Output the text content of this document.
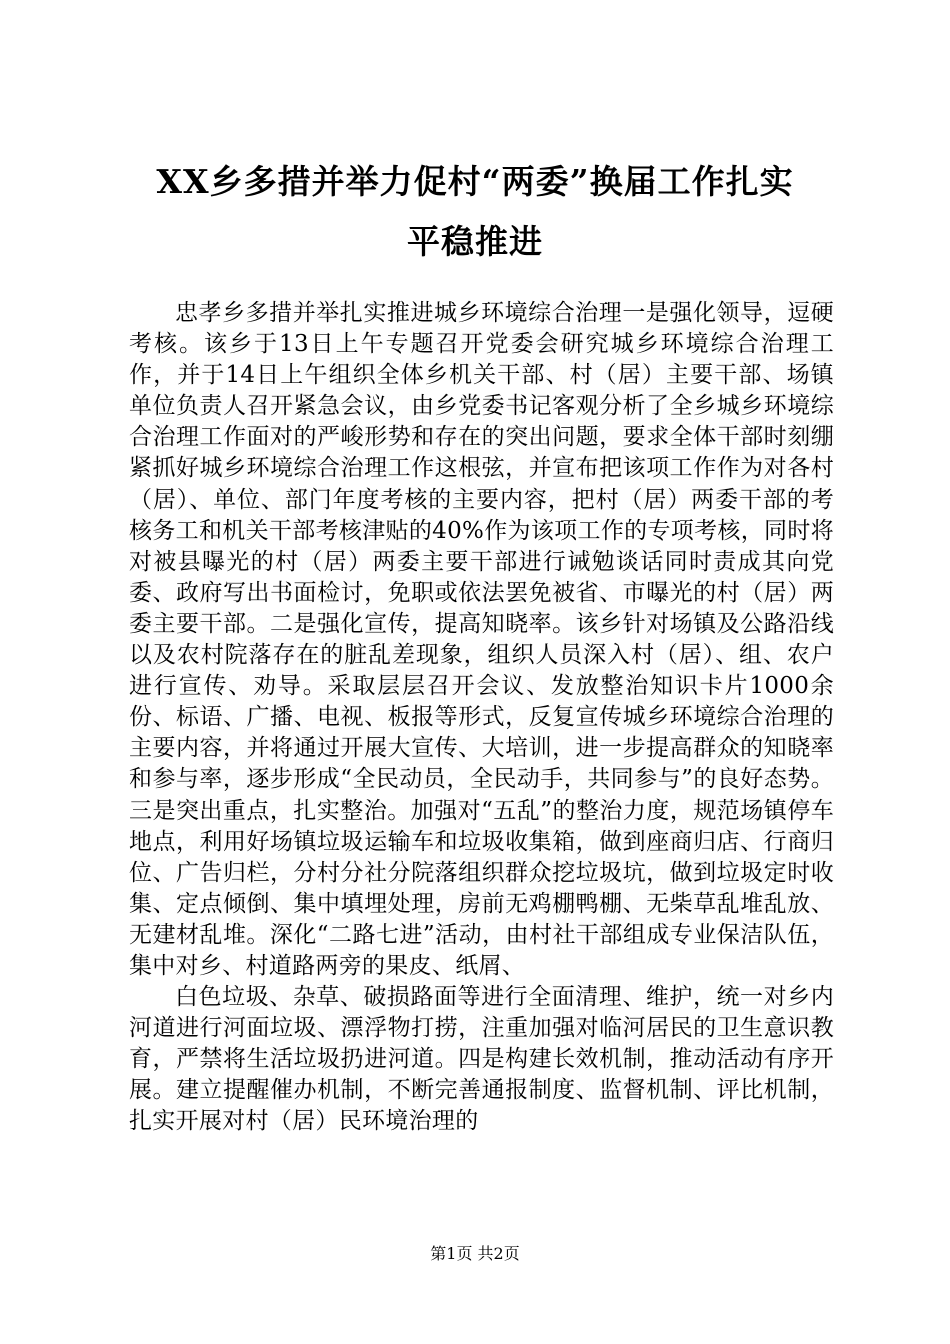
XX乡多措并举力促村“两委”换届工作扎实
平稳推进

忠孝乡多措并举扎实推进城乡环境综合治理一是强化领导，逗硬考核。该乡于13日上午专题召开党委会研究城乡环境综合治理工作，并于14日上午组织全体乡机关干部、村（居）主要干部、场镇单位负责人召开紧急会议，由乡党委书记客观分析了全乡城乡环境综合治理工作面对的严峻形势和存在的突出问题，要求全体干部时刻绷紧抓好城乡环境综合治理工作这根弦，并宣布把该项工作作为对各村（居）、单位、部门年度考核的主要内容，把村（居）两委干部的考核务工和机关干部考核津贴的40%作为该项工作的专项考核，同时将对被县曝光的村（居）两委主要干部进行诫勉谈话同时责成其向党委、政府写出书面检讨，免职或依法罢免被省、市曝光的村（居）两委主要干部。二是强化宣传，提高知晓率。该乡针对场镇及公路沿线以及农村院落存在的脏乱差现象，组织人员深入村（居）、组、农户进行宣传、劝导。采取层层召开会议、发放整治知识卡片1000余份、标语、广播、电视、板报等形式，反复宣传城乡环境综合治理的主要内容，并将通过开展大宣传、大培训，进一步提高群众的知晓率和参与率，逐步形成“全民动员，全民动手，共同参与”的良好态势。三是突出重点，扎实整治。加强对“五乱”的整治力度，规范场镇停车地点，利用好场镇垃圾运输车和垃圾收集箱，做到座商归店、行商归位、广告归栏，分村分社分院落组织群众挖垃圾坑，做到垃圾定时收集、定点倾倒、集中填埋处理，房前无鸡棚鸭棚、无柴草乱堆乱放、无建材乱堆。深化“二路七进”活动，由村社干部组成专业保洁队伍，集中对乡、村道路两旁的果皮、纸屑、

白色垃圾、杂草、破损路面等进行全面清理、维护，统一对乡内河道进行河面垃圾、漂浮物打捞，注重加强对临河居民的卫生意识教育，严禁将生活垃圾扔进河道。四是构建长效机制，推动活动有序开展。建立提醒催办机制，不断完善通报制度、监督机制、评比机制，扎实开展对村（居）民环境治理的

第1页 共2页
